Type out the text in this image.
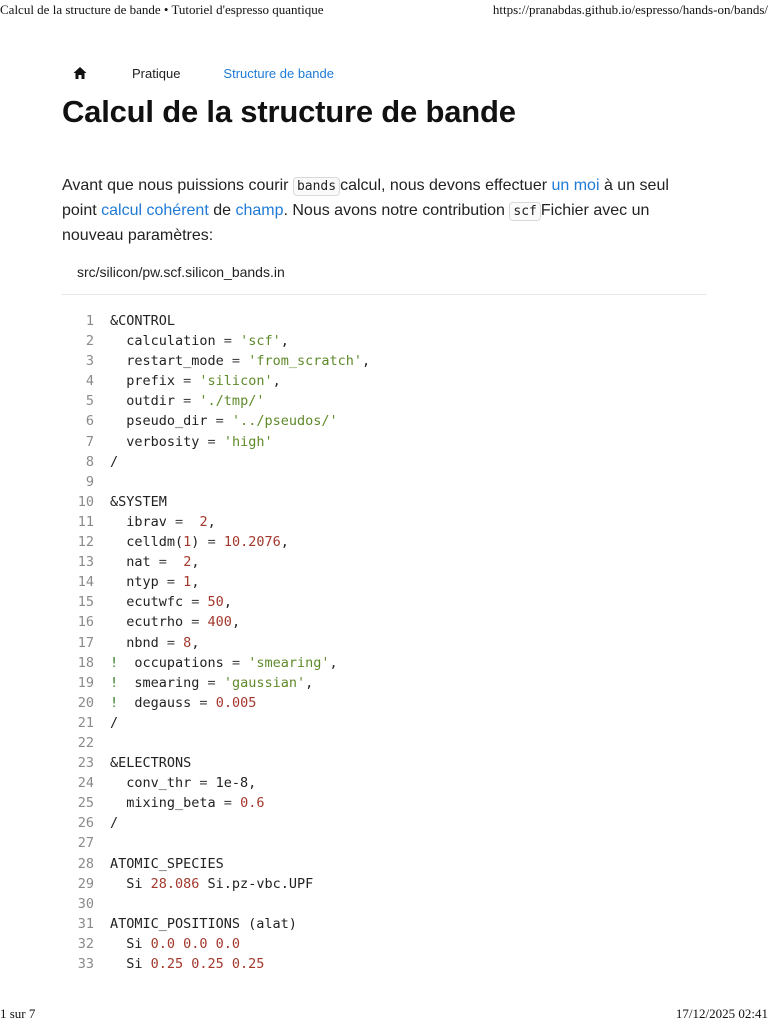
Calcul de la structure de bande • Tutoriel d'espresso quantique	https://pranabdas.github.io/espresso/hands-on/bands/
Pratique	Structure de bande
Calcul de la structure de bande

Avant que nous puissions courir bands calcul, nous devons effectuer un moi à un seul point calcul cohérent de champ. Nous avons notre contribution scf Fichier avec un nouveau paramètres:

src/silicon/pw.scf.silicon_bands.in
1	&CONTROL
2	calculation = 'scf',
3	restart_mode = 'from_scratch',
4	prefix = 'silicon',
5	outdir = './tmp/'
6	pseudo_dir = '../pseudos/'
7	verbosity = 'high'
8	/
9
10	&SYSTEM
11	ibrav = 2,
12	celldm(1) = 10.2076,
13	nat = 2,
14	ntyp = 1,
15	ecutwfc = 50,
16	ecutrho = 400,
17	nbnd = 8,
18	!  occupations = 'smearing',
19	!  smearing = 'gaussian',
20	!  degauss = 0.005
21	/
22
23	&ELECTRONS
24	conv_thr = 1e-8,
25	mixing_beta = 0.6
26	/
27
28	ATOMIC_SPECIES
29	Si 28.086 Si.pz-vbc.UPF
30
31	ATOMIC_POSITIONS (alat)
32	Si 0.0 0.0 0.0
33	Si 0.25 0.25 0.25
1 sur 7	17/12/2025 02:41
